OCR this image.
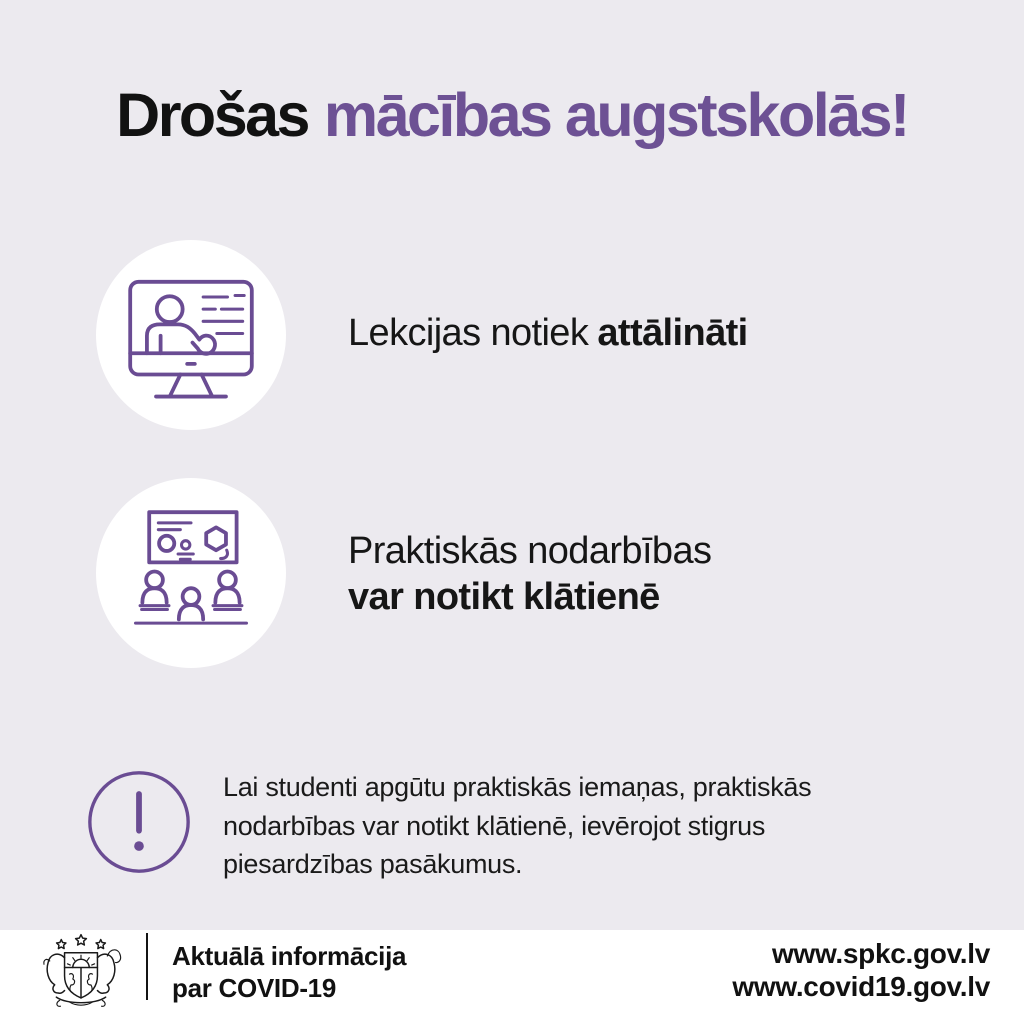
Drošas mācības augstskolās!
Lekcijas notiek attālināti
Praktiskās nodarbības
var notikt klātienē
Lai studenti apgūtu praktiskās iemaņas, praktiskās
nodarbības var notikt klātienē, ievērojot stigrus
piesardzības pasākumus.
Aktuālā informācija
par COVID-19
www.spkc.gov.lv
www.covid19.gov.lv
